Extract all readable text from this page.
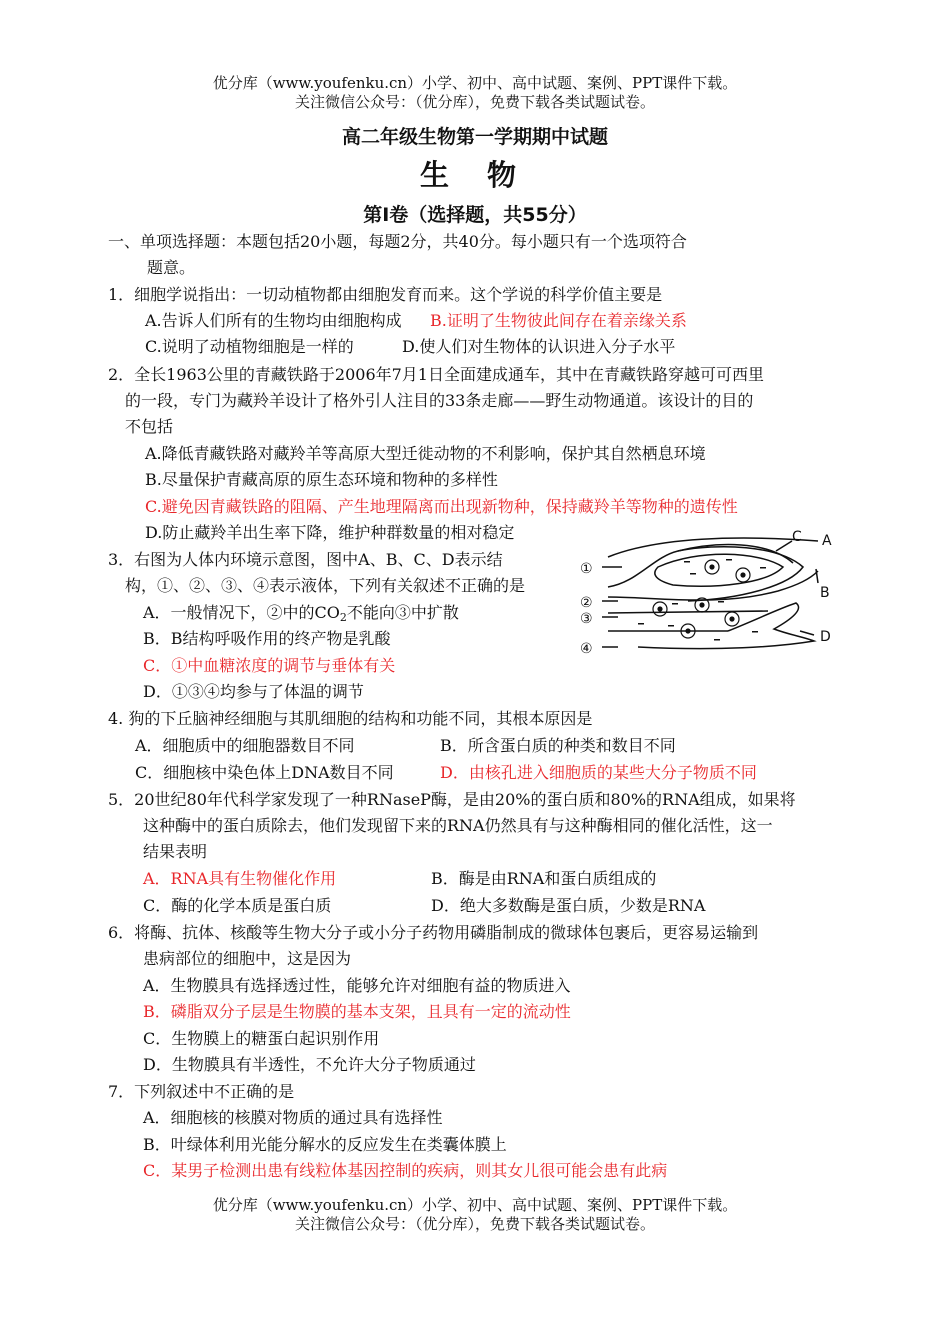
优分库（www.youfenku.cn）小学、初中、高中试题、案例、PPT课件下载。
关注微信公众号：（优分库），免费下载各类试题试卷。
高二年级生物第一学期期中试题
生 物
第Ⅰ卷（选择题，共55分）
一、单项选择题：本题包括20小题，每题2分，共40分。每小题只有一个选项符合
题意。
1．细胞学说指出：一切动植物都由细胞发育而来。这个学说的科学价值主要是
A.告诉人们所有的生物均由细胞构成 B.证明了生物彼此间存在着亲缘关系
C.说明了动植物细胞是一样的	D.使人们对生物体的认识进入分子水平
2．全长1963公里的青藏铁路于2006年7月1日全面建成通车，其中在青藏铁路穿越可可西里
的一段，专门为藏羚羊设计了格外引人注目的33条走廊——野生动物通道。该设计的目的
不包括
A.降低青藏铁路对藏羚羊等高原大型迁徙动物的不利影响，保护其自然栖息环境
B.尽量保护青藏高原的原生态环境和物种的多样性
C.避免因青藏铁路的阻隔、产生地理隔离而出现新物种，保持藏羚羊等物种的遗传性
D.防止藏羚羊出生率下降，维护种群数量的相对稳定
3．右图为人体内环境示意图，图中A、B、C、D表示结
构，①、②、③、④表示液体，下列有关叙述不正确的是
A．一般情况下，②中的CO2不能向③中扩散
B．B结构呼吸作用的终产物是乳酸
C．①中血糖浓度的调节与垂体有关
D．①③④均参与了体温的调节
①
②
③
④
A
B
C
D
4. 狗的下丘脑神经细胞与其肌细胞的结构和功能不同，其根本原因是
A．细胞质中的细胞器数目不同	B．所含蛋白质的种类和数目不同
C．细胞核中染色体上DNA数目不同	D．由核孔进入细胞质的某些大分子物质不同
5．20世纪80年代科学家发现了一种RNaseP酶，是由20%的蛋白质和80%的RNA组成，如果将
这种酶中的蛋白质除去，他们发现留下来的RNA仍然具有与这种酶相同的催化活性，这一
结果表明
A．RNA具有生物催化作用	B．酶是由RNA和蛋白质组成的
C．酶的化学本质是蛋白质	D．绝大多数酶是蛋白质，少数是RNA
6．将酶、抗体、核酸等生物大分子或小分子药物用磷脂制成的微球体包裹后，更容易运输到
患病部位的细胞中，这是因为
A．生物膜具有选择透过性，能够允许对细胞有益的物质进入
B．磷脂双分子层是生物膜的基本支架，且具有一定的流动性
C．生物膜上的糖蛋白起识别作用
D．生物膜具有半透性，不允许大分子物质通过
7．下列叙述中不正确的是
A．细胞核的核膜对物质的通过具有选择性
B．叶绿体利用光能分解水的反应发生在类囊体膜上
C．某男子检测出患有线粒体基因控制的疾病，则其女儿很可能会患有此病
优分库（www.youfenku.cn）小学、初中、高中试题、案例、PPT课件下载。
关注微信公众号：（优分库），免费下载各类试题试卷。
